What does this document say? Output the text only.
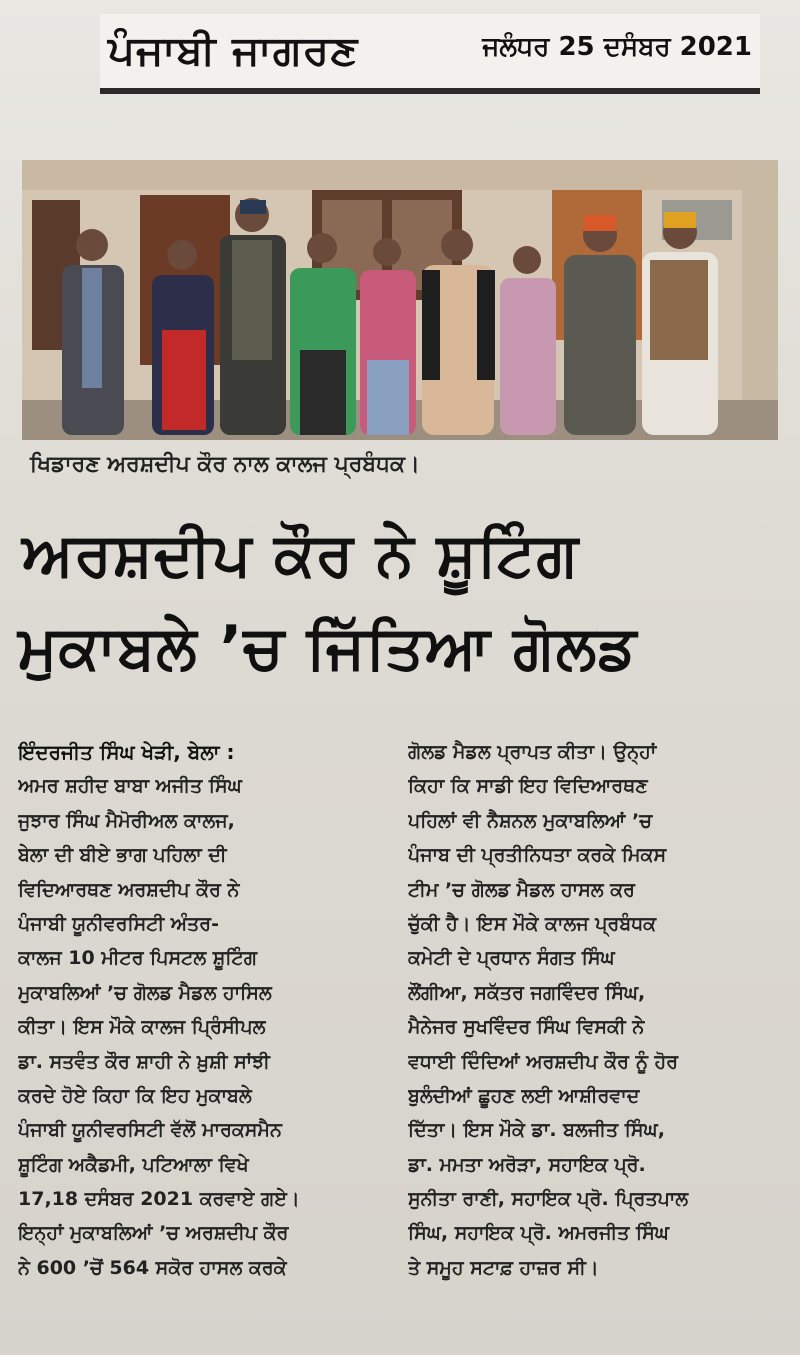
ਪੰਜਾਬੀ ਜਾਗਰਣ	ਜਲੰਧਰ 25 ਦਸੰਬਰ 2021
ਖਿਡਾਰਣ ਅਰਸ਼ਦੀਪ ਕੌਰ ਨਾਲ ਕਾਲਜ ਪ੍ਰਬੰਧਕ।
ਅਰਸ਼ਦੀਪ ਕੌਰ ਨੇ ਸ਼ੂਟਿੰਗ
ਮੁਕਾਬਲੇ ’ਚ ਜਿੱਤਿਆ ਗੋਲਡ
ਇੰਦਰਜੀਤ ਸਿੰਘ ਖੇੜੀ, ਬੇਲਾ :
ਅਮਰ ਸ਼ਹੀਦ ਬਾਬਾ ਅਜੀਤ ਸਿੰਘ
ਜੁਝਾਰ ਸਿੰਘ ਮੈਮੋਰੀਅਲ ਕਾਲਜ,
ਬੇਲਾ ਦੀ ਬੀਏ ਭਾਗ ਪਹਿਲਾ ਦੀ
ਵਿਦਿਆਰਥਣ ਅਰਸ਼ਦੀਪ ਕੌਰ ਨੇ
ਪੰਜਾਬੀ ਯੂਨੀਵਰਸਿਟੀ ਅੰਤਰ-
ਕਾਲਜ 10 ਮੀਟਰ ਪਿਸਟਲ ਸ਼ੂਟਿੰਗ
ਮੁਕਾਬਲਿਆਂ ’ਚ ਗੋਲਡ ਮੈਡਲ ਹਾਸਿਲ
ਕੀਤਾ। ਇਸ ਮੌਕੇ ਕਾਲਜ ਪ੍ਰਿੰਸੀਪਲ
ਡਾ. ਸਤਵੰਤ ਕੌਰ ਸ਼ਾਹੀ ਨੇ ਖ਼ੁਸ਼ੀ ਸਾਂਝੀ
ਕਰਦੇ ਹੋਏ ਕਿਹਾ ਕਿ ਇਹ ਮੁਕਾਬਲੇ
ਪੰਜਾਬੀ ਯੂਨੀਵਰਸਿਟੀ ਵੱਲੋਂ ਮਾਰਕਸਮੈਨ
ਸ਼ੂਟਿੰਗ ਅਕੈਡਮੀ, ਪਟਿਆਲਾ ਵਿਖੇ
17,18 ਦਸੰਬਰ 2021 ਕਰਵਾਏ ਗਏ।
ਇਨ੍ਹਾਂ ਮੁਕਾਬਲਿਆਂ ’ਚ ਅਰਸ਼ਦੀਪ ਕੌਰ
ਨੇ 600 ’ਚੋਂ 564 ਸਕੋਰ ਹਾਸਲ ਕਰਕੇ
ਗੋਲਡ ਮੈਡਲ ਪ੍ਰਾਪਤ ਕੀਤਾ। ਉਨ੍ਹਾਂ
ਕਿਹਾ ਕਿ ਸਾਡੀ ਇਹ ਵਿਦਿਆਰਥਣ
ਪਹਿਲਾਂ ਵੀ ਨੈਸ਼ਨਲ ਮੁਕਾਬਲਿਆਂ ’ਚ
ਪੰਜਾਬ ਦੀ ਪ੍ਰਤੀਨਿਧਤਾ ਕਰਕੇ ਮਿਕਸ
ਟੀਮ ’ਚ ਗੋਲਡ ਮੈਡਲ ਹਾਸਲ ਕਰ
ਚੁੱਕੀ ਹੈ। ਇਸ ਮੌਕੇ ਕਾਲਜ ਪ੍ਰਬੰਧਕ
ਕਮੇਟੀ ਦੇ ਪ੍ਰਧਾਨ ਸੰਗਤ ਸਿੰਘ
ਲੌਂਗੀਆ, ਸਕੱਤਰ ਜਗਵਿੰਦਰ ਸਿੰਘ,
ਮੈਨੇਜਰ ਸੁਖਵਿੰਦਰ ਸਿੰਘ ਵਿਸਕੀ ਨੇ
ਵਧਾਈ ਦਿੰਦਿਆਂ ਅਰਸ਼ਦੀਪ ਕੌਰ ਨੂੰ ਹੋਰ
ਬੁਲੰਦੀਆਂ ਛੂਹਣ ਲਈ ਆਸ਼ੀਰਵਾਦ
ਦਿੱਤਾ। ਇਸ ਮੌਕੇ ਡਾ. ਬਲਜੀਤ ਸਿੰਘ,
ਡਾ. ਮਮਤਾ ਅਰੋੜਾ, ਸਹਾਇਕ ਪ੍ਰੋ.
ਸੁਨੀਤਾ ਰਾਣੀ, ਸਹਾਇਕ ਪ੍ਰੋ. ਪ੍ਰਿਤਪਾਲ
ਸਿੰਘ, ਸਹਾਇਕ ਪ੍ਰੋ. ਅਮਰਜੀਤ ਸਿੰਘ
ਤੇ ਸਮੂਹ ਸਟਾਫ਼ ਹਾਜ਼ਰ ਸੀ।
